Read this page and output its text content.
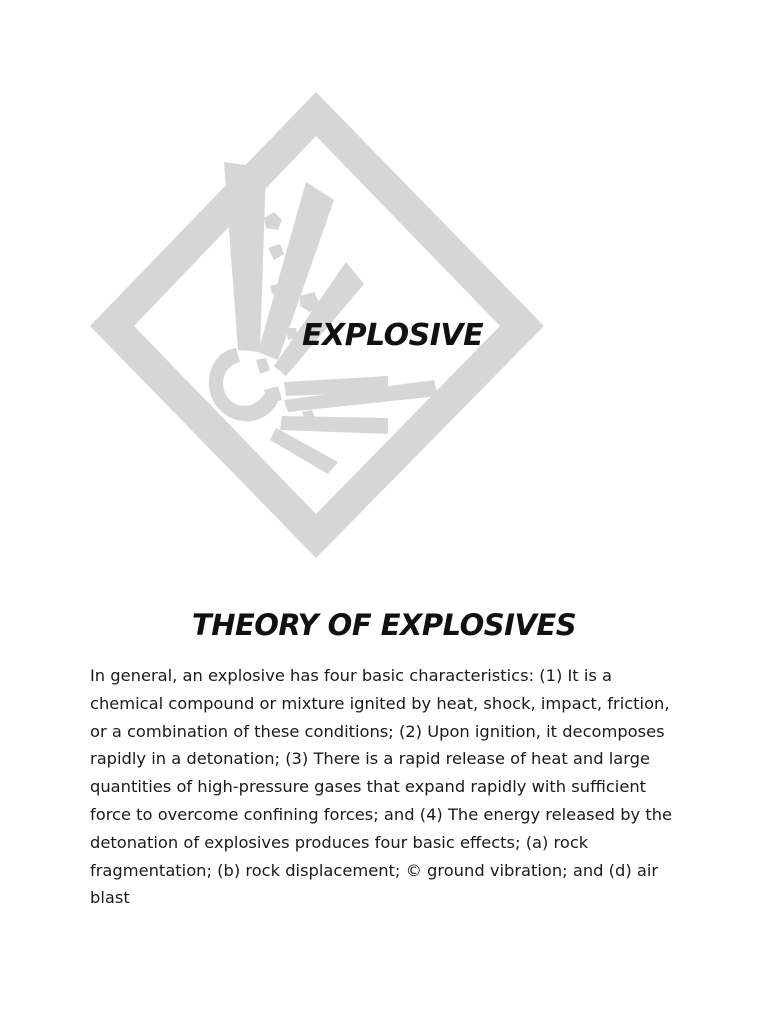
EXPLOSIVE
THEORY OF EXPLOSIVES

In general, an explosive has four basic characteristics: (1) It is a chemical compound or mixture ignited by heat, shock, impact, friction, or a combination of these conditions; (2) Upon ignition, it decomposes rapidly in a detonation; (3) There is a rapid release of heat and large quantities of high-pressure gases that expand rapidly with sufficient force to overcome confining forces; and (4) The energy released by the detonation of explosives produces four basic effects; (a) rock fragmentation; (b) rock displacement; © ground vibration; and (d) air blast
